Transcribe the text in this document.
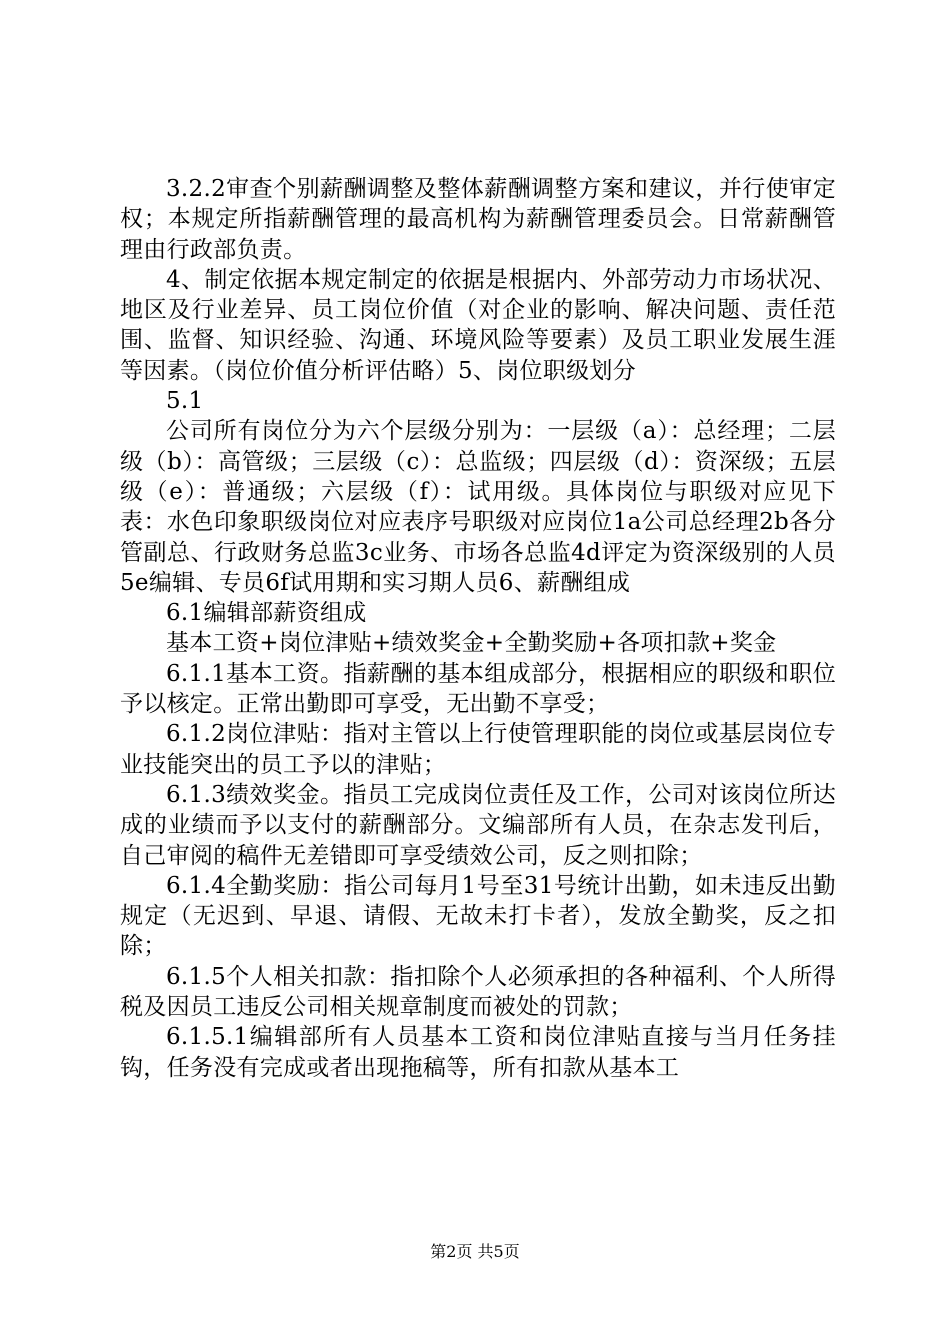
3.2.2审查个别薪酬调整及整体薪酬调整方案和建议，并行使审定权；本规定所指薪酬管理的最高机构为薪酬管理委员会。日常薪酬管理由行政部负责。

4、制定依据本规定制定的依据是根据内、外部劳动力市场状况、地区及行业差异、员工岗位价值（对企业的影响、解决问题、责任范围、监督、知识经验、沟通、环境风险等要素）及员工职业发展生涯等因素。（岗位价值分析评估略）5、岗位职级划分

5.1

公司所有岗位分为六个层级分别为：一层级（a）：总经理；二层级（b）：高管级；三层级（c）：总监级；四层级（d）：资深级；五层级（e）：普通级；六层级（f）：试用级。具体岗位与职级对应见下表：水色印象职级岗位对应表序号职级对应岗位1a公司总经理2b各分管副总、行政财务总监3c业务、市场各总监4d评定为资深级别的人员5e编辑、专员6f试用期和实习期人员6、薪酬组成

6.1编辑部薪资组成

基本工资+岗位津贴+绩效奖金+全勤奖励+各项扣款+奖金

6.1.1基本工资。指薪酬的基本组成部分，根据相应的职级和职位予以核定。正常出勤即可享受，无出勤不享受；

6.1.2岗位津贴：指对主管以上行使管理职能的岗位或基层岗位专业技能突出的员工予以的津贴；

6.1.3绩效奖金。指员工完成岗位责任及工作，公司对该岗位所达成的业绩而予以支付的薪酬部分。文编部所有人员，在杂志发刊后，自己审阅的稿件无差错即可享受绩效公司，反之则扣除；

6.1.4全勤奖励：指公司每月1号至31号统计出勤，如未违反出勤规定（无迟到、早退、请假、无故未打卡者），发放全勤奖，反之扣除；

6.1.5个人相关扣款：指扣除个人必须承担的各种福利、个人所得税及因员工违反公司相关规章制度而被处的罚款；

6.1.5.1编辑部所有人员基本工资和岗位津贴直接与当月任务挂钩，任务没有完成或者出现拖稿等，所有扣款从基本工

第2页 共5页
